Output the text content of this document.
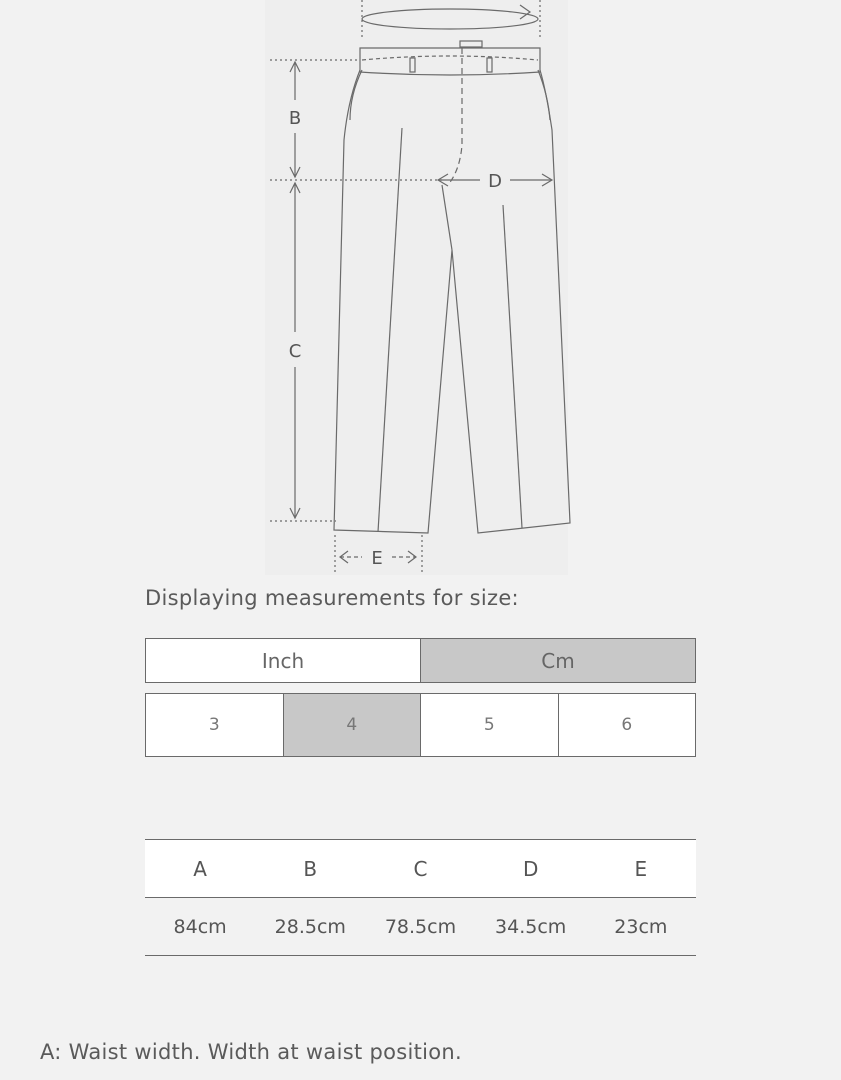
B
C
D
E
Displaying measurements for size:
Inch	Cm
3	4	5	6
A	B	C	D	E
84cm	28.5cm	78.5cm	34.5cm	23cm
A: Waist width. Width at waist position.
